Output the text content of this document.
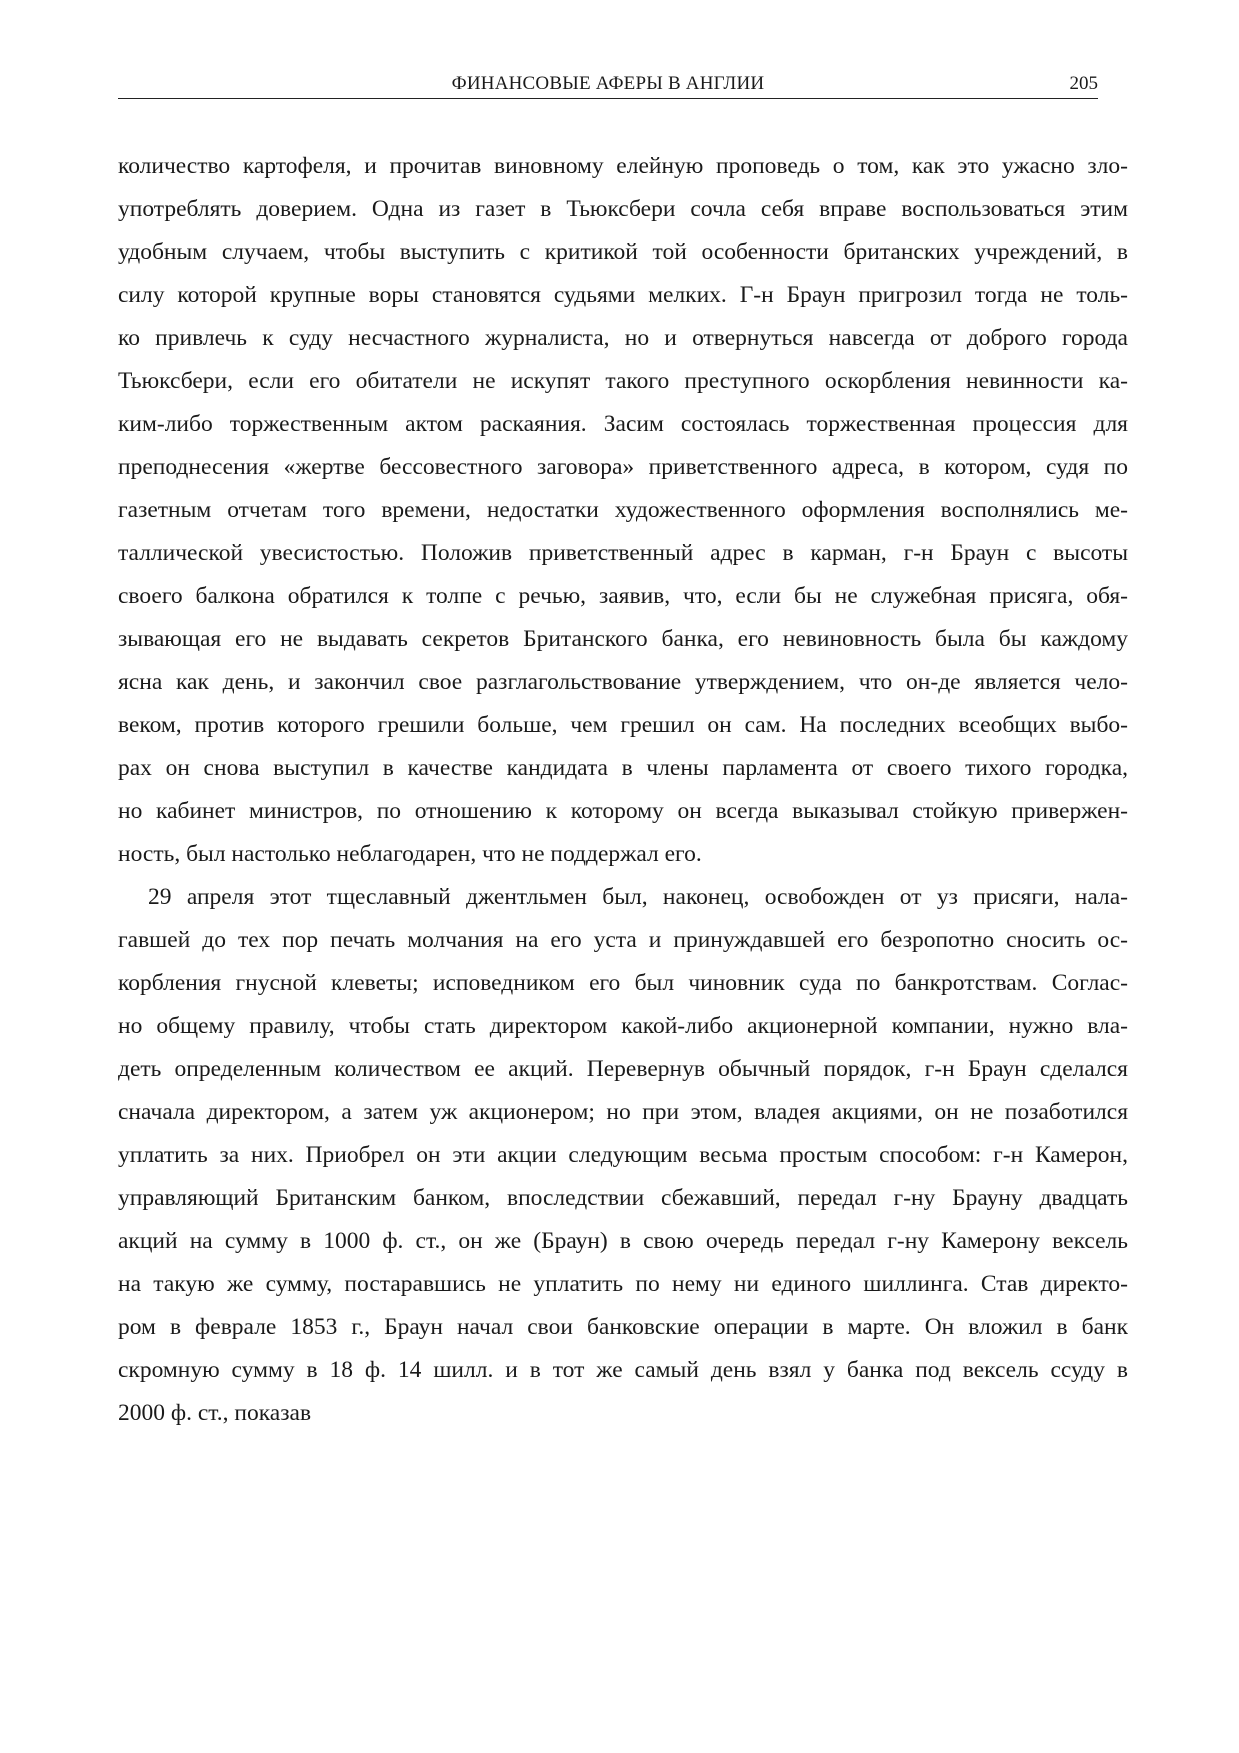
ФИНАНСОВЫЕ АФЕРЫ В АНГЛИИ	205

количество картофеля, и прочитав виновному елейную проповедь о том, как это ужасно зло-
употреблять доверием. Одна из газет в Тьюксбери сочла себя вправе воспользоваться этим
удобным случаем, чтобы выступить с критикой той особенности британских учреждений, в
силу которой крупные воры становятся судьями мелких. Г-н Браун пригрозил тогда не толь-
ко привлечь к суду несчастного журналиста, но и отвернуться навсегда от доброго города
Тьюксбери, если его обитатели не искупят такого преступного оскорбления невинности ка-
ким-либо торжественным актом раскаяния. Засим состоялась торжественная процессия для
преподнесения «жертве бессовестного заговора» приветственного адреса, в котором, судя по
газетным отчетам того времени, недостатки художественного оформления восполнялись ме-
таллической увесистостью. Положив приветственный адрес в карман, г-н Браун с высоты
своего балкона обратился к толпе с речью, заявив, что, если бы не служебная присяга, обя-
зывающая его не выдавать секретов Британского банка, его невиновность была бы каждому
ясна как день, и закончил свое разглагольствование утверждением, что он-де является чело-
веком, против которого грешили больше, чем грешил он сам. На последних всеобщих выбо-
рах он снова выступил в качестве кандидата в члены парламента от своего тихого городка,
но кабинет министров, по отношению к которому он всегда выказывал стойкую привержен-
ность, был настолько неблагодарен, что не поддержал его.

29 апреля этот тщеславный джентльмен был, наконец, освобожден от уз присяги, нала-
гавшей до тех пор печать молчания на его уста и принуждавшей его безропотно сносить ос-
корбления гнусной клеветы; исповедником его был чиновник суда по банкротствам. Соглас-
но общему правилу, чтобы стать директором какой-либо акционерной компании, нужно вла-
деть определенным количеством ее акций. Перевернув обычный порядок, г-н Браун сделался
сначала директором, а затем уж акционером; но при этом, владея акциями, он не позаботился
уплатить за них. Приобрел он эти акции следующим весьма простым способом: г-н Камерон,
управляющий Британским банком, впоследствии сбежавший, передал г-ну Брауну двадцать
акций на сумму в 1000 ф. ст., он же (Браун) в свою очередь передал г-ну Камерону вексель
на такую же сумму, постаравшись не уплатить по нему ни единого шиллинга. Став директо-
ром в феврале 1853 г., Браун начал свои банковские операции в марте. Он вложил в банк
скромную сумму в 18 ф. 14 шилл. и в тот же самый день взял у банка под вексель ссуду в
2000 ф. ст., показав
